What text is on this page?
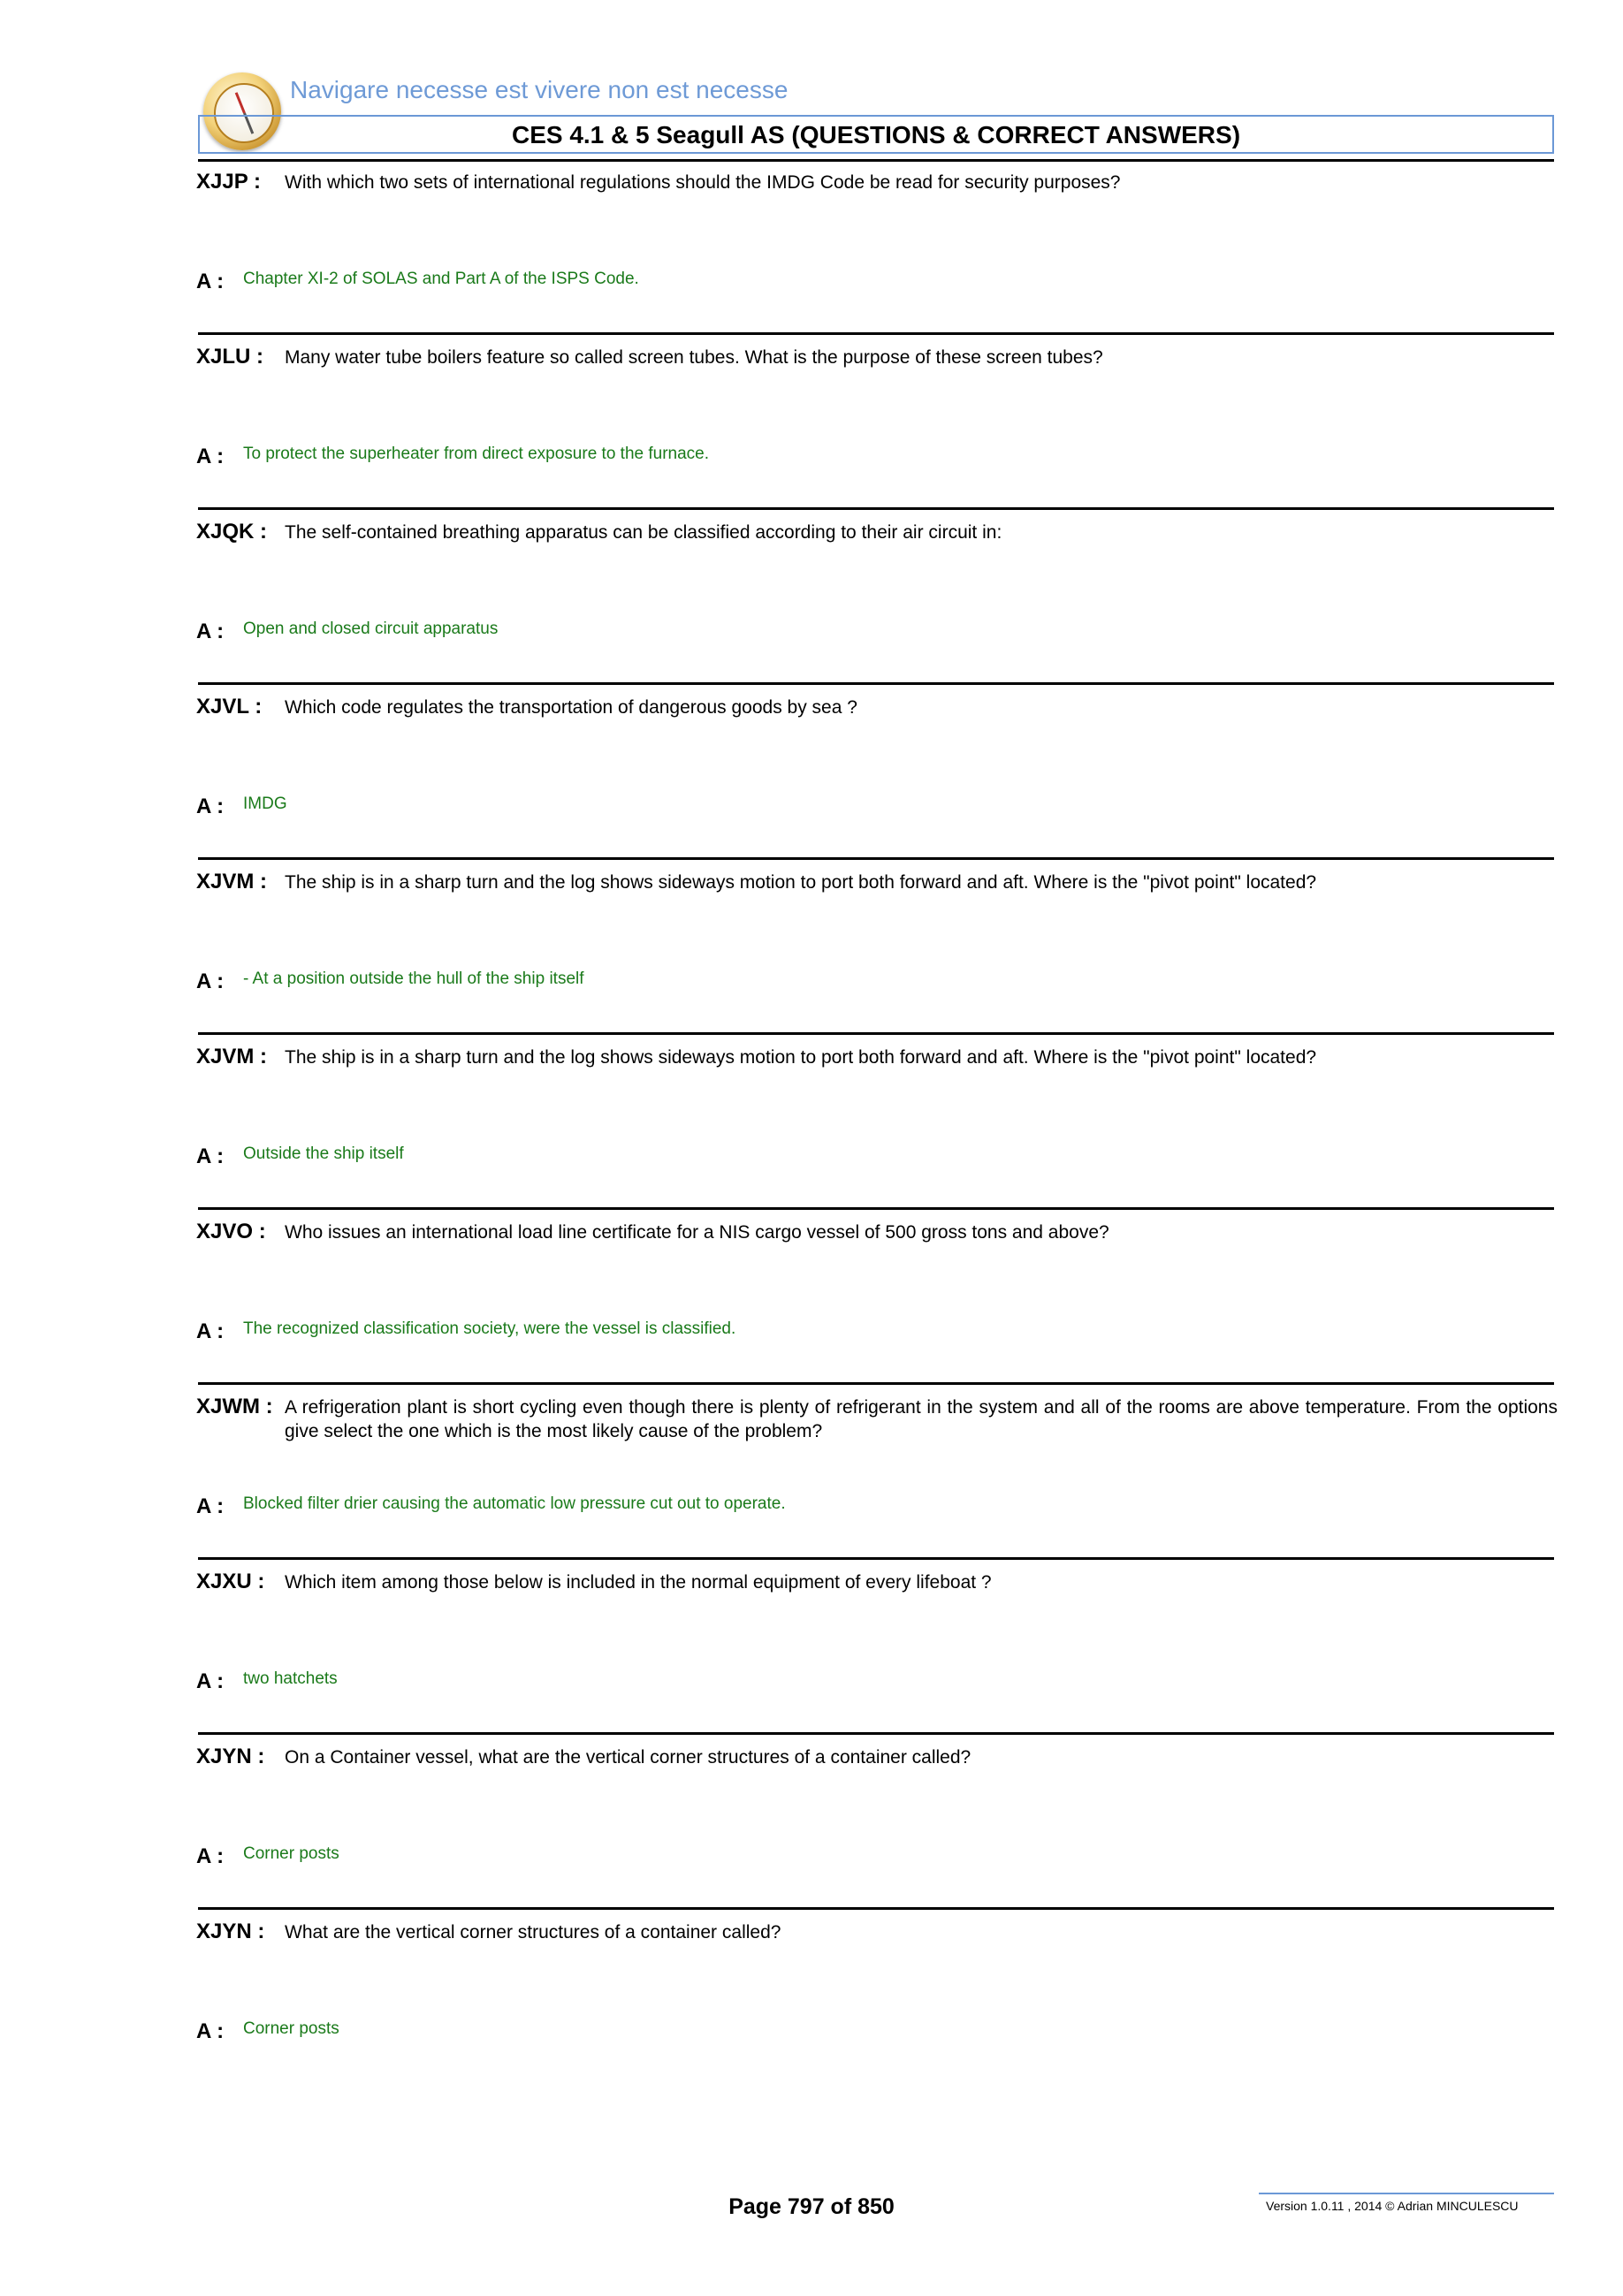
Navigare necesse est vivere non est necesse
CES 4.1 & 5 Seagull AS (QUESTIONS & CORRECT ANSWERS)
XJJP : With which two sets of international regulations should the IMDG Code be read for security purposes?
A : Chapter XI-2 of SOLAS and Part A of the ISPS Code.
XJLU : Many water tube boilers feature so called screen tubes. What is the purpose of these screen tubes?
A : To protect the superheater from direct exposure to the furnace.
XJQK : The self-contained breathing apparatus can be classified according to their air circuit in:
A : Open and closed circuit apparatus
XJVL : Which code regulates the transportation of dangerous goods by sea ?
A : IMDG
XJVM : The ship is in a sharp turn and the log shows sideways motion to port both forward and aft. Where is the "pivot point" located?
A : - At a position outside the hull of the ship itself
XJVM : The ship is in a sharp turn and the log shows sideways motion to port both forward and aft. Where is the "pivot point" located?
A : Outside the ship itself
XJVO : Who issues an international load line certificate for a NIS cargo vessel of 500 gross tons and above?
A : The recognized classification society, were the vessel is classified.
XJWM : A refrigeration plant is short cycling even though there is plenty of refrigerant in the system and all of the rooms are above temperature. From the options give select the one which is the most likely cause of the problem?
A : Blocked filter drier causing the automatic low pressure cut out to operate.
XJXU : Which item among those below is included in the normal equipment of every lifeboat ?
A : two hatchets
XJYN : On a Container vessel, what are the vertical corner structures of a container called?
A : Corner posts
XJYN : What are the vertical corner structures of a container called?
A : Corner posts
Page 797 of 850	Version 1.0.11 , 2014 © Adrian MINCULESCU
